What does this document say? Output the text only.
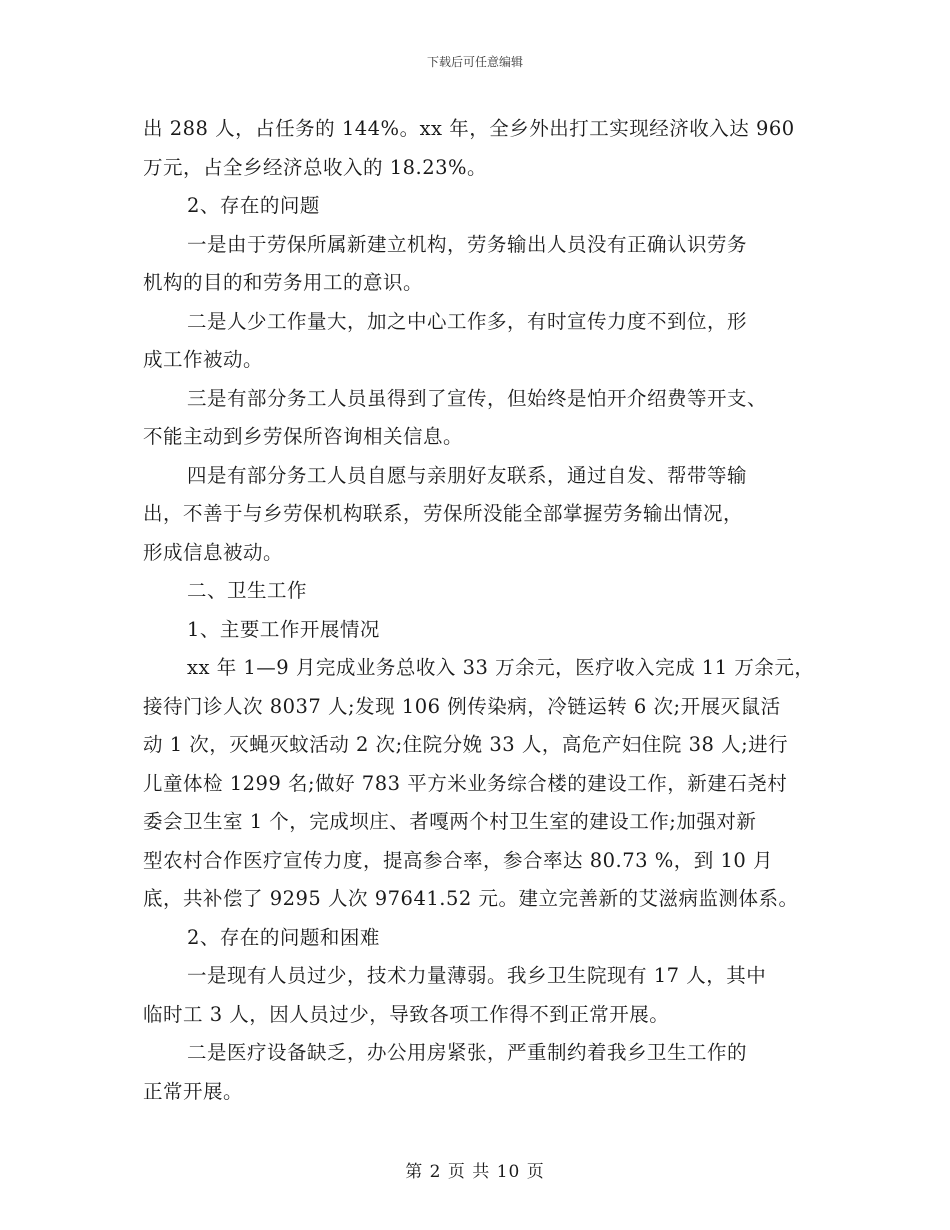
下载后可任意编辑

出 288 人，占任务的 144%。xx 年，全乡外出打工实现经济收入达 960
万元，占全乡经济总收入的 18.23%。

2、存在的问题

一是由于劳保所属新建立机构，劳务输出人员没有正确认识劳务
机构的目的和劳务用工的意识。

二是人少工作量大，加之中心工作多，有时宣传力度不到位，形
成工作被动。

三是有部分务工人员虽得到了宣传，但始终是怕开介绍费等开支、
不能主动到乡劳保所咨询相关信息。

四是有部分务工人员自愿与亲朋好友联系，通过自发、帮带等输
出，不善于与乡劳保机构联系，劳保所没能全部掌握劳务输出情况，
形成信息被动。

二、卫生工作

1、主要工作开展情况

xx 年 1—9 月完成业务总收入 33 万余元，医疗收入完成 11 万余元，
接待门诊人次 8037 人;发现 106 例传染病，冷链运转 6 次;开展灭鼠活
动 1 次，灭蝇灭蚊活动 2 次;住院分娩 33 人，高危产妇住院 38 人;进行
儿童体检 1299 名;做好 783 平方米业务综合楼的建设工作，新建石尧村
委会卫生室 1 个，完成坝庄、者嘎两个村卫生室的建设工作;加强对新
型农村合作医疗宣传力度，提高参合率，参合率达 80.73 %，到 10 月
底，共补偿了 9295 人次 97641.52 元。建立完善新的艾滋病监测体系。

2、存在的问题和困难

一是现有人员过少，技术力量薄弱。我乡卫生院现有 17 人，其中
临时工 3 人，因人员过少，导致各项工作得不到正常开展。

二是医疗设备缺乏，办公用房紧张，严重制约着我乡卫生工作的
正常开展。

第 2 页 共 10 页
